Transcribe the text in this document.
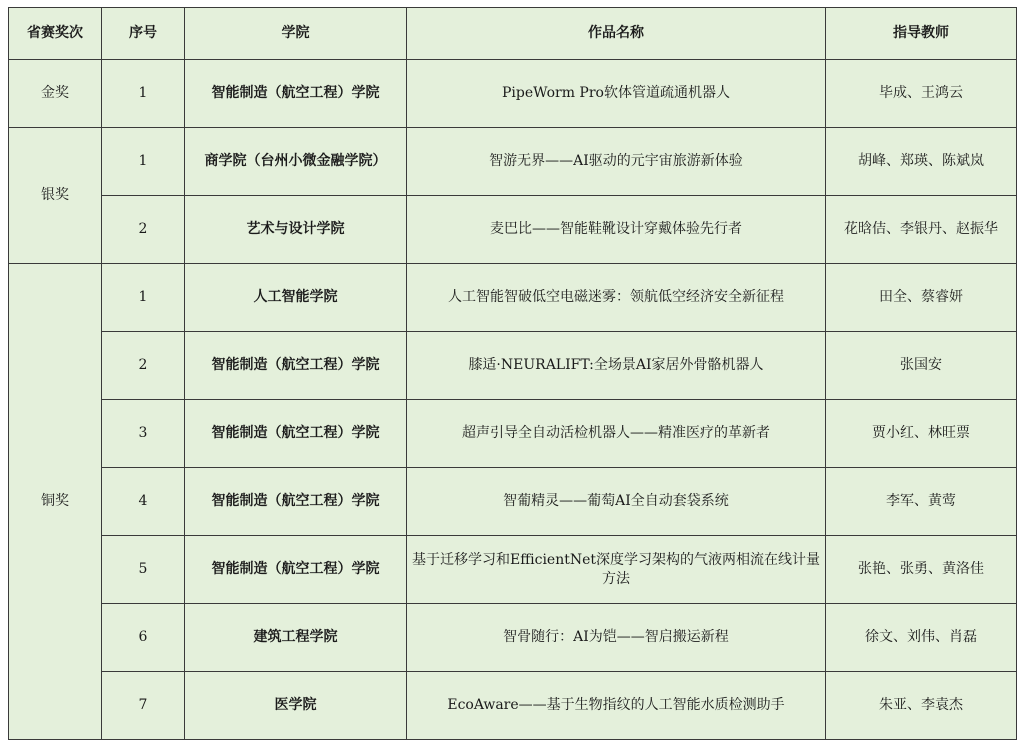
省赛奖次	序号	学院	作品名称	指导教师
金奖	1	智能制造（航空工程）学院	PipeWorm Pro软体管道疏通机器人	毕成、王鸿云
银奖	1	商学院（台州小微金融学院）	智游无界——AI驱动的元宇宙旅游新体验	胡峰、郑瑛、陈斌岚
	2	艺术与设计学院	麦巴比——智能鞋靴设计穿戴体验先行者	花晗佶、李银丹、赵振华
铜奖	1	人工智能学院	人工智能智破低空电磁迷雾：领航低空经济安全新征程	田全、蔡睿妍
	2	智能制造（航空工程）学院	膝适·NEURALIFT:全场景AI家居外骨骼机器人	张国安
	3	智能制造（航空工程）学院	超声引导全自动活检机器人——精准医疗的革新者	贾小红、林旺票
	4	智能制造（航空工程）学院	智葡精灵——葡萄AI全自动套袋系统	李军、黄莺
	5	智能制造（航空工程）学院	基于迁移学习和EfficientNet深度学习架构的气液两相流在线计量方法	张艳、张勇、黄洛佳
	6	建筑工程学院	智骨随行：AI为铠——智启搬运新程	徐文、刘伟、肖磊
	7	医学院	EcoAware——基于生物指纹的人工智能水质检测助手	朱亚、李袁杰
